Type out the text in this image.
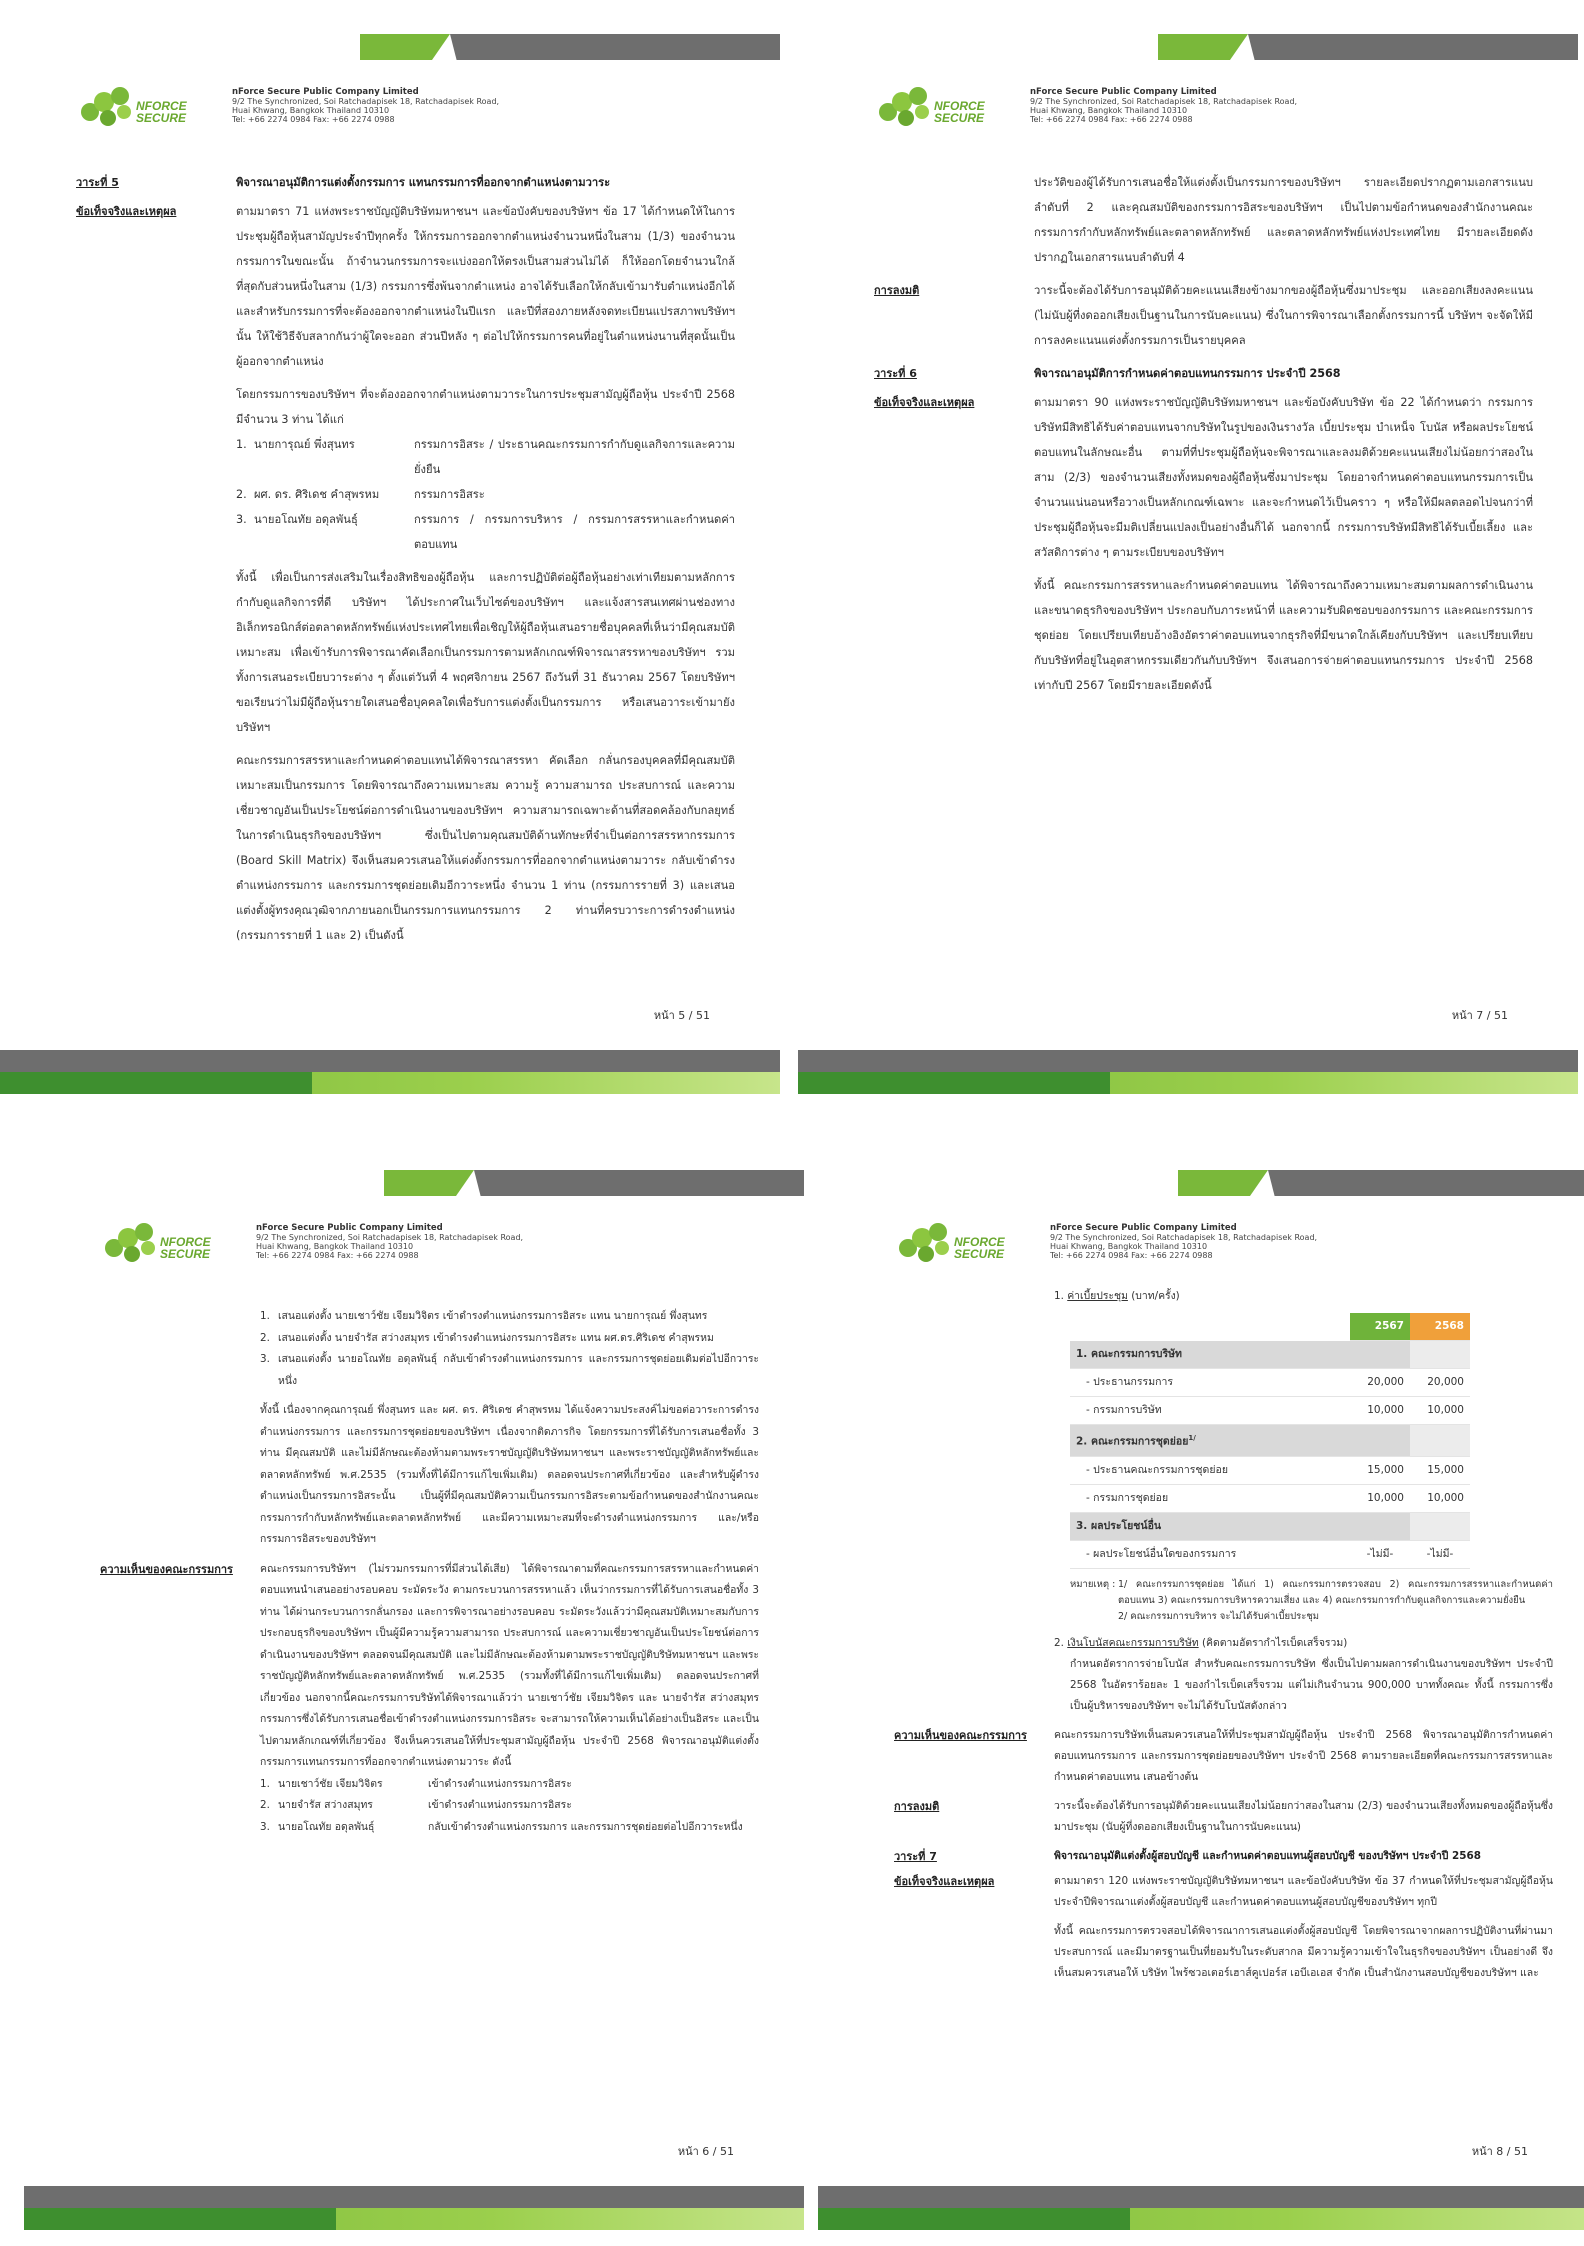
NFORCE
SECURE
nForce Secure Public Company Limited
9/2 The Synchronized, Soi Ratchadapisek 18, Ratchadapisek Road,
Huai Khwang, Bangkok Thailand 10310
Tel: +66 2274 0984 Fax: +66 2274 0988
วาระที่ 5	พิจารณาอนุมัติการแต่งตั้งกรรมการ แทนกรรมการที่ออกจากตำแหน่งตามวาระ
ข้อเท็จจริงและเหตุผล	ตามมาตรา 71 แห่งพระราชบัญญัติบริษัทมหาชนฯ และข้อบังคับของบริษัทฯ ข้อ 17 ได้กำหนดให้ในการประชุมผู้ถือหุ้นสามัญประจำปีทุกครั้ง ให้กรรมการออกจากตำแหน่งจำนวนหนึ่งในสาม (1/3) ของจำนวนกรรมการในขณะนั้น ถ้าจำนวนกรรมการจะแบ่งออกให้ตรงเป็นสามส่วนไม่ได้ ก็ให้ออกโดยจำนวนใกล้ที่สุดกับส่วนหนึ่งในสาม (1/3) กรรมการซึ่งพ้นจากตำแหน่ง อาจได้รับเลือกให้กลับเข้ามารับตำแหน่งอีกได้ และสำหรับกรรมการที่จะต้องออกจากตำแหน่งในปีแรก และปีที่สองภายหลังจดทะเบียนแปรสภาพบริษัทฯ นั้น ให้ใช้วิธีจับสลากกันว่าผู้ใดจะออก ส่วนปีหลัง ๆ ต่อไปให้กรรมการคนที่อยู่ในตำแหน่งนานที่สุดนั้นเป็นผู้ออกจากตำแหน่ง

โดยกรรมการของบริษัทฯ ที่จะต้องออกจากตำแหน่งตามวาระในการประชุมสามัญผู้ถือหุ้น ประจำปี 2568 มีจำนวน 3 ท่าน ได้แก่

1. นายการุณย์ พึ่งสุนทร	กรรมการอิสระ / ประธานคณะกรรมการกำกับดูแลกิจการและความยั่งยืน
2. ผศ. ดร. ศิริเดช คำสุพรหม	กรรมการอิสระ
3. นายอโณทัย อดุลพันธุ์	กรรมการ / กรรมการบริหาร / กรรมการสรรหาและกำหนดค่าตอบแทน

ทั้งนี้ เพื่อเป็นการส่งเสริมในเรื่องสิทธิของผู้ถือหุ้น และการปฏิบัติต่อผู้ถือหุ้นอย่างเท่าเทียมตามหลักการกำกับดูแลกิจการที่ดี บริษัทฯ ได้ประกาศในเว็บไซต์ของบริษัทฯ และแจ้งสารสนเทศผ่านช่องทางอิเล็กทรอนิกส์ต่อตลาดหลักทรัพย์แห่งประเทศไทยเพื่อเชิญให้ผู้ถือหุ้นเสนอรายชื่อบุคคลที่เห็นว่ามีคุณสมบัติเหมาะสม เพื่อเข้ารับการพิจารณาคัดเลือกเป็นกรรมการตามหลักเกณฑ์พิจารณาสรรหาของบริษัทฯ รวมทั้งการเสนอระเบียบวาระต่าง ๆ ตั้งแต่วันที่ 4 พฤศจิกายน 2567 ถึงวันที่ 31 ธันวาคม 2567 โดยบริษัทฯ ขอเรียนว่าไม่มีผู้ถือหุ้นรายใดเสนอชื่อบุคคลใดเพื่อรับการแต่งตั้งเป็นกรรมการ หรือเสนอวาระเข้ามายังบริษัทฯ

คณะกรรมการสรรหาและกำหนดค่าตอบแทนได้พิจารณาสรรหา คัดเลือก กลั่นกรองบุคคลที่มีคุณสมบัติเหมาะสมเป็นกรรมการ โดยพิจารณาถึงความเหมาะสม ความรู้ ความสามารถ ประสบการณ์ และความเชี่ยวชาญอันเป็นประโยชน์ต่อการดำเนินงานของบริษัทฯ ความสามารถเฉพาะด้านที่สอดคล้องกับกลยุทธ์ในการดำเนินธุรกิจของบริษัทฯ ซึ่งเป็นไปตามคุณสมบัติด้านทักษะที่จำเป็นต่อการสรรหากรรมการ (Board Skill Matrix) จึงเห็นสมควรเสนอให้แต่งตั้งกรรมการที่ออกจากตำแหน่งตามวาระ กลับเข้าดำรงตำแหน่งกรรมการ และกรรมการชุดย่อยเดิมอีกวาระหนึ่ง จำนวน 1 ท่าน (กรรมการรายที่ 3) และเสนอแต่งตั้งผู้ทรงคุณวุฒิจากภายนอกเป็นกรรมการแทนกรรมการ 2 ท่านที่ครบวาระการดำรงตำแหน่ง (กรรมการรายที่ 1 และ 2) เป็นดังนี้

หน้า 5 / 51
NFORCE
SECURE
nForce Secure Public Company Limited
9/2 The Synchronized, Soi Ratchadapisek 18, Ratchadapisek Road,
Huai Khwang, Bangkok Thailand 10310
Tel: +66 2274 0984 Fax: +66 2274 0988

ประวัติของผู้ได้รับการเสนอชื่อให้แต่งตั้งเป็นกรรมการของบริษัทฯ รายละเอียดปรากฏตามเอกสารแนบลำดับที่ 2 และคุณสมบัติของกรรมการอิสระของบริษัทฯ เป็นไปตามข้อกำหนดของสำนักงานคณะกรรมการกำกับหลักทรัพย์และตลาดหลักทรัพย์ และตลาดหลักทรัพย์แห่งประเทศไทย มีรายละเอียดดังปรากฏในเอกสารแนบลำดับที่ 4

การลงมติ	วาระนี้จะต้องได้รับการอนุมัติด้วยคะแนนเสียงข้างมากของผู้ถือหุ้นซึ่งมาประชุม และออกเสียงลงคะแนน (ไม่นับผู้ที่งดออกเสียงเป็นฐานในการนับคะแนน) ซึ่งในการพิจารณาเลือกตั้งกรรมการนี้ บริษัทฯ จะจัดให้มีการลงคะแนนแต่งตั้งกรรมการเป็นรายบุคคล

วาระที่ 6	พิจารณาอนุมัติการกำหนดค่าตอบแทนกรรมการ ประจำปี 2568
ข้อเท็จจริงและเหตุผล	ตามมาตรา 90 แห่งพระราชบัญญัติบริษัทมหาชนฯ และข้อบังคับบริษัท ข้อ 22 ได้กำหนดว่า กรรมการบริษัทมีสิทธิได้รับค่าตอบแทนจากบริษัทในรูปของเงินรางวัล เบี้ยประชุม บำเหน็จ โบนัส หรือผลประโยชน์ตอบแทนในลักษณะอื่น ตามที่ที่ประชุมผู้ถือหุ้นจะพิจารณาและลงมติด้วยคะแนนเสียงไม่น้อยกว่าสองในสาม (2/3) ของจำนวนเสียงทั้งหมดของผู้ถือหุ้นซึ่งมาประชุม โดยอาจกำหนดค่าตอบแทนกรรมการเป็นจำนวนแน่นอนหรือวางเป็นหลักเกณฑ์เฉพาะ และจะกำหนดไว้เป็นคราว ๆ หรือให้มีผลตลอดไปจนกว่าที่ประชุมผู้ถือหุ้นจะมีมติเปลี่ยนแปลงเป็นอย่างอื่นก็ได้ นอกจากนี้ กรรมการบริษัทมีสิทธิได้รับเบี้ยเลี้ยง และสวัสดิการต่าง ๆ ตามระเบียบของบริษัทฯ

ทั้งนี้ คณะกรรมการสรรหาและกำหนดค่าตอบแทน ได้พิจารณาถึงความเหมาะสมตามผลการดำเนินงาน และขนาดธุรกิจของบริษัทฯ ประกอบกับภาระหน้าที่ และความรับผิดชอบของกรรมการ และคณะกรรมการชุดย่อย โดยเปรียบเทียบอ้างอิงอัตราค่าตอบแทนจากธุรกิจที่มีขนาดใกล้เคียงกับบริษัทฯ และเปรียบเทียบกับบริษัทที่อยู่ในอุตสาหกรรมเดียวกันกับบริษัทฯ จึงเสนอการจ่ายค่าตอบแทนกรรมการ ประจำปี 2568 เท่ากับปี 2567 โดยมีรายละเอียดดังนี้

หน้า 7 / 51
NFORCE
SECURE
nForce Secure Public Company Limited
9/2 The Synchronized, Soi Ratchadapisek 18, Ratchadapisek Road,
Huai Khwang, Bangkok Thailand 10310
Tel: +66 2274 0984 Fax: +66 2274 0988
1. เสนอแต่งตั้ง นายเชาว์ชัย เจียมวิจิตร เข้าดำรงตำแหน่งกรรมการอิสระ แทน นายการุณย์ พึ่งสุนทร
2. เสนอแต่งตั้ง นายจำรัส สว่างสมุทร เข้าดำรงตำแหน่งกรรมการอิสระ แทน ผศ.ดร.ศิริเดช คำสุพรหม
3. เสนอแต่งตั้ง นายอโณทัย อดุลพันธุ์ กลับเข้าดำรงตำแหน่งกรรมการ และกรรมการชุดย่อยเดิมต่อไปอีกวาระหนึ่ง

ทั้งนี้ เนื่องจากคุณการุณย์ พึ่งสุนทร และ ผศ. ดร. ศิริเดช คำสุพรหม ได้แจ้งความประสงค์ไม่ขอต่อวาระการดำรงตำแหน่งกรรมการ และกรรมการชุดย่อยของบริษัทฯ เนื่องจากติดภารกิจ โดยกรรมการที่ได้รับการเสนอชื่อทั้ง 3 ท่าน มีคุณสมบัติ และไม่มีลักษณะต้องห้ามตามพระราชบัญญัติบริษัทมหาชนฯ และพระราชบัญญัติหลักทรัพย์และตลาดหลักทรัพย์ พ.ศ.2535 (รวมทั้งที่ได้มีการแก้ไขเพิ่มเติม) ตลอดจนประกาศที่เกี่ยวข้อง และสำหรับผู้ดำรงตำแหน่งเป็นกรรมการอิสระนั้น เป็นผู้ที่มีคุณสมบัติความเป็นกรรมการอิสระตามข้อกำหนดของสำนักงานคณะกรรมการกำกับหลักทรัพย์และตลาดหลักทรัพย์ และมีความเหมาะสมที่จะดำรงตำแหน่งกรรมการ และ/หรือกรรมการอิสระของบริษัทฯ

ความเห็นของคณะกรรมการ	คณะกรรมการบริษัทฯ (ไม่รวมกรรมการที่มีส่วนได้เสีย) ได้พิจารณาตามที่คณะกรรมการสรรหาและกำหนดค่าตอบแทนนำเสนออย่างรอบคอบ ระมัดระวัง ตามกระบวนการสรรหาแล้ว เห็นว่ากรรมการที่ได้รับการเสนอชื่อทั้ง 3 ท่าน ได้ผ่านกระบวนการกลั่นกรอง และการพิจารณาอย่างรอบคอบ ระมัดระวังแล้วว่ามีคุณสมบัติเหมาะสมกับการประกอบธุรกิจของบริษัทฯ เป็นผู้มีความรู้ความสามารถ ประสบการณ์ และความเชี่ยวชาญอันเป็นประโยชน์ต่อการดำเนินงานของบริษัทฯ ตลอดจนมีคุณสมบัติ และไม่มีลักษณะต้องห้ามตามพระราชบัญญัติบริษัทมหาชนฯ และพระราชบัญญัติหลักทรัพย์และตลาดหลักทรัพย์ พ.ศ.2535 (รวมทั้งที่ได้มีการแก้ไขเพิ่มเติม) ตลอดจนประกาศที่เกี่ยวข้อง นอกจากนี้คณะกรรมการบริษัทได้พิจารณาแล้วว่า นายเชาว์ชัย เจียมวิจิตร และ นายจำรัส สว่างสมุทร กรรมการซึ่งได้รับการเสนอชื่อเข้าดำรงตำแหน่งกรรมการอิสระ จะสามารถให้ความเห็นได้อย่างเป็นอิสระ และเป็นไปตามหลักเกณฑ์ที่เกี่ยวข้อง จึงเห็นควรเสนอให้ที่ประชุมสามัญผู้ถือหุ้น ประจำปี 2568 พิจารณาอนุมัติแต่งตั้งกรรมการแทนกรรมการที่ออกจากตำแหน่งตามวาระ ดังนี้

1. นายเชาว์ชัย เจียมวิจิตร	เข้าดำรงตำแหน่งกรรมการอิสระ
2. นายจำรัส สว่างสมุทร	เข้าดำรงตำแหน่งกรรมการอิสระ
3. นายอโณทัย อดุลพันธุ์	กลับเข้าดำรงตำแหน่งกรรมการ และกรรมการชุดย่อยต่อไปอีกวาระหนึ่ง
หน้า 6 / 51
NFORCE
SECURE
nForce Secure Public Company Limited
9/2 The Synchronized, Soi Ratchadapisek 18, Ratchadapisek Road,
Huai Khwang, Bangkok Thailand 10310
Tel: +66 2274 0984 Fax: +66 2274 0988
1. ค่าเบี้ยประชุม (บาท/ครั้ง)
	2567	2568
1. คณะกรรมการบริษัท		
- ประธานกรรมการ	20,000	20,000
- กรรมการบริษัท	10,000	10,000
2. คณะกรรมการชุดย่อย$^{1/}$	
- ประธานคณะกรรมการชุดย่อย	15,000	15,000
- กรรมการชุดย่อย	10,000	10,000
3. ผลประโยชน์อื่น		
- ผลประโยชน์อื่นใดของกรรมการ	-ไม่มี-	-ไม่มี-
หมายเหตุ : 1/ คณะกรรมการชุดย่อย ได้แก่ 1) คณะกรรมการตรวจสอบ 2) คณะกรรมการสรรหาและกำหนดค่าตอบแทน 3) คณะกรรมการบริหารความเสี่ยง และ 4) คณะกรรมการกำกับดูแลกิจการและความยั่งยืน
2/ คณะกรรมการบริหาร จะไม่ได้รับค่าเบี้ยประชุม
2. เงินโบนัสคณะกรรมการบริษัท (คิดตามอัตรากำไรเบ็ดเสร็จรวม)

กำหนดอัตราการจ่ายโบนัส สำหรับคณะกรรมการบริษัท ซึ่งเป็นไปตามผลการดำเนินงานของบริษัทฯ ประจำปี 2568 ในอัตราร้อยละ 1 ของกำไรเบ็ดเสร็จรวม แต่ไม่เกินจำนวน 900,000 บาททั้งคณะ ทั้งนี้ กรรมการซึ่งเป็นผู้บริหารของบริษัทฯ จะไม่ได้รับโบนัสดังกล่าว

ความเห็นของคณะกรรมการ	คณะกรรมการบริษัทเห็นสมควรเสนอให้ที่ประชุมสามัญผู้ถือหุ้น ประจำปี 2568 พิจารณาอนุมัติการกำหนดค่าตอบแทนกรรมการ และกรรมการชุดย่อยของบริษัทฯ ประจำปี 2568 ตามรายละเอียดที่คณะกรรมการสรรหาและกำหนดค่าตอบแทน เสนอข้างต้น

การลงมติ	วาระนี้จะต้องได้รับการอนุมัติด้วยคะแนนเสียงไม่น้อยกว่าสองในสาม (2/3) ของจำนวนเสียงทั้งหมดของผู้ถือหุ้นซึ่งมาประชุม (นับผู้ที่งดออกเสียงเป็นฐานในการนับคะแนน)

วาระที่ 7	พิจารณาอนุมัติแต่งตั้งผู้สอบบัญชี และกำหนดค่าตอบแทนผู้สอบบัญชี ของบริษัทฯ ประจำปี 2568
ข้อเท็จจริงและเหตุผล	ตามมาตรา 120 แห่งพระราชบัญญัติบริษัทมหาชนฯ และข้อบังคับบริษัท ข้อ 37 กำหนดให้ที่ประชุมสามัญผู้ถือหุ้นประจำปีพิจารณาแต่งตั้งผู้สอบบัญชี และกำหนดค่าตอบแทนผู้สอบบัญชีของบริษัทฯ ทุกปี

ทั้งนี้ คณะกรรมการตรวจสอบได้พิจารณาการเสนอแต่งตั้งผู้สอบบัญชี โดยพิจารณาจากผลการปฏิบัติงานที่ผ่านมา ประสบการณ์ และมีมาตรฐานเป็นที่ยอมรับในระดับสากล มีความรู้ความเข้าใจในธุรกิจของบริษัทฯ เป็นอย่างดี จึงเห็นสมควรเสนอให้ บริษัท ไพร้ซวอเตอร์เฮาส์คูเปอร์ส เอบีเอเอส จำกัด เป็นสำนักงานสอบบัญชีของบริษัทฯ และ

หน้า 8 / 51
